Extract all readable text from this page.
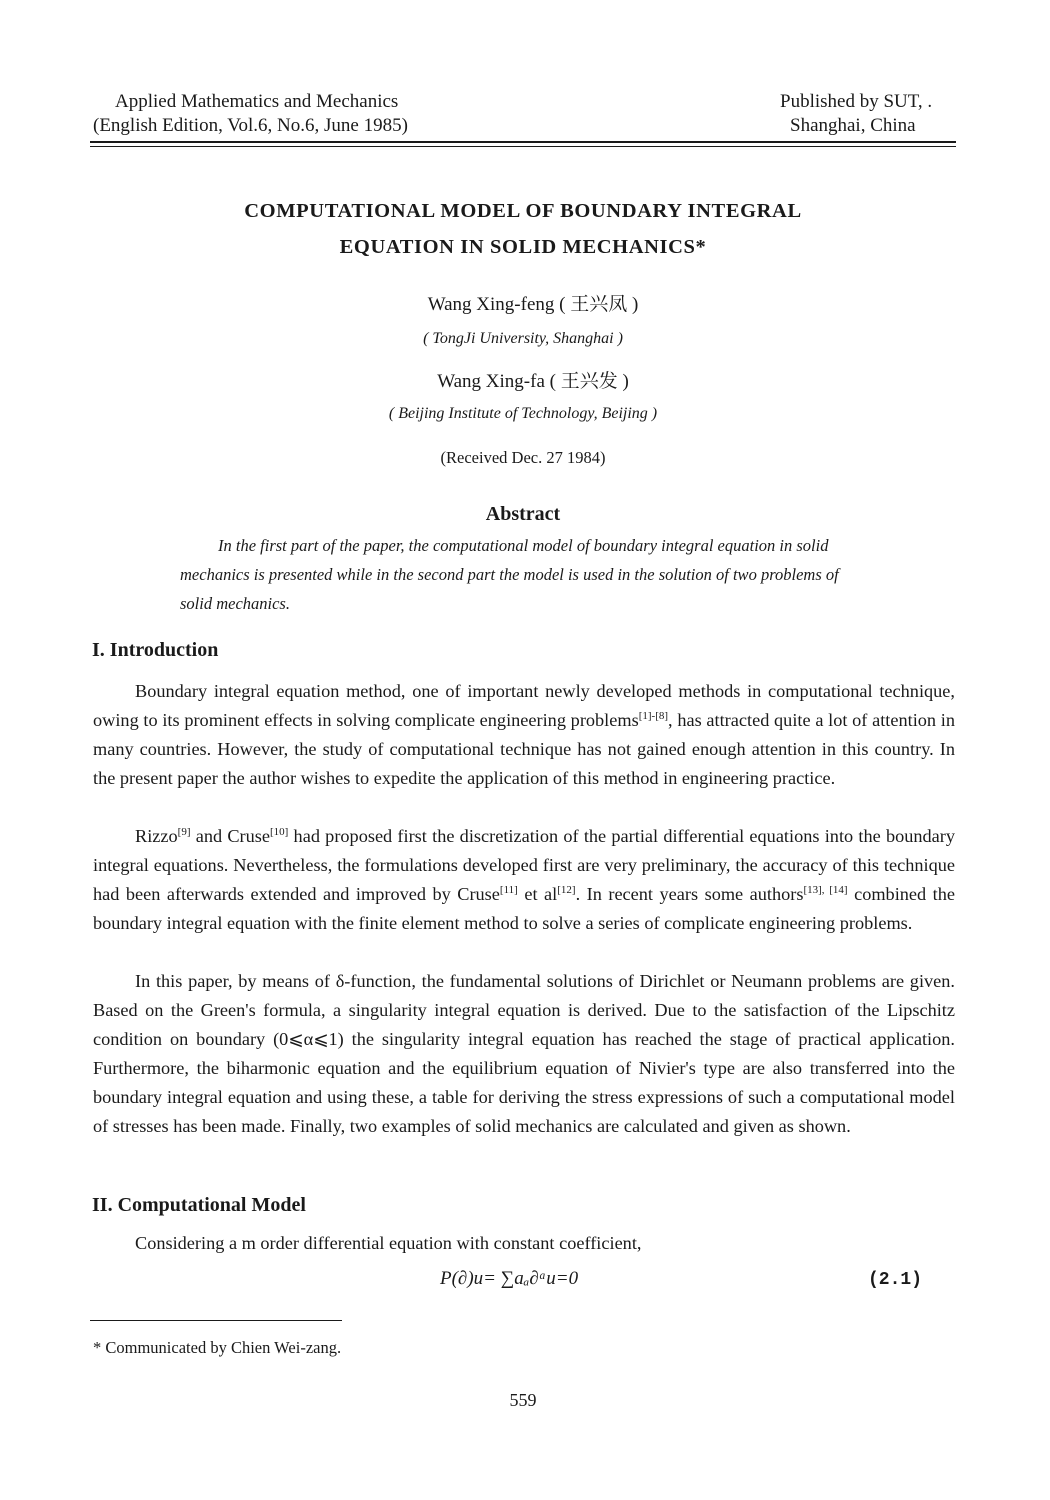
Applied Mathematics and Mechanics
(English Edition, Vol.6, No.6, June 1985)
Published by SUT, .
Shanghai, China
COMPUTATIONAL MODEL OF BOUNDARY INTEGRAL
EQUATION IN SOLID MECHANICS*
Wang Xing-feng ( 王兴凤 )
( TongJi University, Shanghai )
Wang Xing-fa ( 王兴发 )
( Beijing Institute of Technology, Beijing )
(Received Dec. 27 1984)
Abstract
In the first part of the paper, the computational model of boundary integral equation in solid mechanics is presented while in the second part the model is used in the solution of two problems of solid mechanics.
I. Introduction
Boundary integral equation method, one of important newly developed methods in computational technique, owing to its prominent effects in solving complicate engineering problems[1]-[8], has attracted quite a lot of attention in many countries. However, the study of computational technique has not gained enough attention in this country. In the present paper the author wishes to expedite the application of this method in engineering practice.
Rizzo[9] and Cruse[10] had proposed first the discretization of the partial differential equations into the boundary integral equations. Nevertheless, the formulations developed first are very preliminary, the accuracy of this technique had been afterwards extended and improved by Cruse[11] et al[12]. In recent years some authors[13], [14] combined the boundary integral equation with the finite element method to solve a series of complicate engineering problems.
In this paper, by means of δ-function, the fundamental solutions of Dirichlet or Neumann problems are given. Based on the Green's formula, a singularity integral equation is derived. Due to the satisfaction of the Lipschitz condition on boundary (0⩽α⩽1) the singularity integral equation has reached the stage of practical application. Furthermore, the biharmonic equation and the equilibrium equation of Nivier's type are also transferred into the boundary integral equation and using these, a table for deriving the stress expressions of such a computational model of stresses has been made. Finally, two examples of solid mechanics are calculated and given as shown.
II. Computational Model
Considering a m order differential equation with constant coefficient,
P(∂)u= ∑aₐ∂ᵃu=0	(2.1)
* Communicated by Chien Wei-zang.
559
